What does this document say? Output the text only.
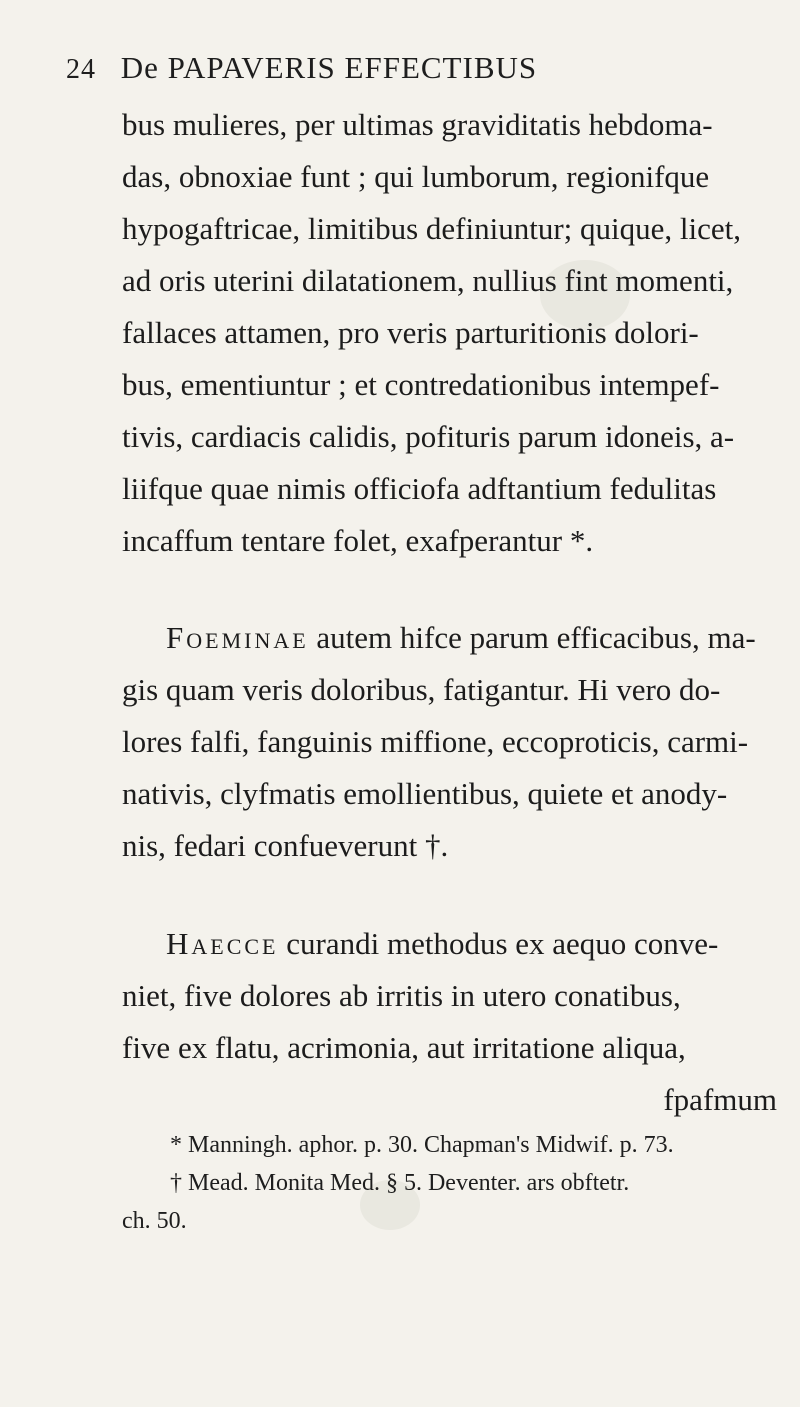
24 De PAPAVERIS EFFECTIBUS
bus mulieres, per ultimas graviditatis hebdoma-
das, obnoxiae funt ; qui lumborum, regionifque
hypogaftricae, limitibus definiuntur; quique, licet,
ad oris uterini dilatationem, nullius fint momenti,
fallaces attamen, pro veris parturitionis dolori-
bus, ementiuntur ; et contredationibus intempef-
tivis, cardiacis calidis, pofituris parum idoneis, a-
liifque quae nimis officiofa adftantium fedulitas
incaffum tentare folet, exafperantur *.
Foeminae autem hifce parum efficacibus, ma-
gis quam veris doloribus, fatigantur. Hi vero do-
lores falfi, fanguinis miffione, eccoproticis, carmi-
nativis, clyfmatis emollientibus, quiete et anody-
nis, fedari confueverunt †.
Haecce curandi methodus ex aequo conve-
niet, five dolores ab irritis in utero conatibus,
five ex flatu, acrimonia, aut irritatione aliqua,
fpafmum
* Manningh. aphor. p. 30. Chapman's Midwif. p. 73.
† Mead. Monita Med. § 5. Deventer. ars obftetr.
ch. 50.
